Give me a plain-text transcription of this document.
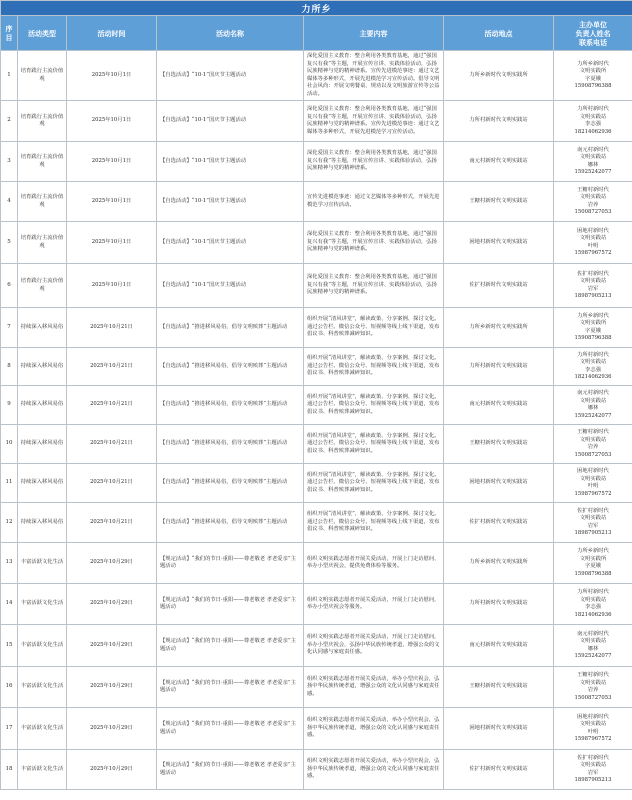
力所乡						
序目	活动类型	活动时间	活动名称	主要内容	活动地点	主办单位
负责人姓名
联系电话

1	培育践行主流价值观	2025年10月1日	【自选活动】“10·1”国庆节主题活动	深化爱国主义教育：整合利用各类教育基地，通过“强国复兴有我”等主题，开展宣传宣讲、实践体验活动，弘扬民族精神与党的精神谱系。宣传先进模范事迹：通过文艺媒体等多种形式，开展先进模范学习宣传活动。倡导文明社会风尚：开展文明餐桌、规劝以及文明旅游宣传等公益活动。	力所乡新时代文明实践所	力所乡新时代
文明实践所
字夏娥
15908796388

2	培育践行主流价值观	2025年10月1日	【自选活动】“10·1”国庆节主题活动	深化爱国主义教育：整合利用各类教育基地，通过“强国复兴有我”等主题，开展宣传宣讲、实践体验活动，弘扬民族精神与党的精神谱系。宣传先进模范事迹：通过文艺媒体等多种形式，开展先进模范学习宣传活动。	力所村新时代文明实践站	力所村新时代
文明实践站
李志强
18214062936

3	培育践行主流价值观	2025年10月1日	【自选活动】“10·1”国庆节主题活动	深化爱国主义教育：整合利用各类教育基地，通过“强国复兴有我”等主题，开展宣传宣讲、实践体验活动，弘扬民族精神与党的精神谱系。	南元村新时代文明实践站	南元村新时代
文明实践站
娜林
15925242077

4	培育践行主流价值观	2025年10月1日	【自选活动】“10·1”国庆节主题活动	宣传先进模范事迹：通过文艺媒体等多种形式，开展先进模范学习宣传活动。	王糖村新时代文明实践站	王糖村新时代
文明实践站
岩养
15008727053

5	培育践行主流价值观	2025年10月1日	【自选活动】“10·1”国庆节主题活动	深化爱国主义教育：整合利用各类教育基地，通过“强国复兴有我”等主题，开展宣传宣讲、实践体验活动，弘扬民族精神与党的精神谱系。	困地村新时代文明实践站	困地村新时代
文明实践站
叶明
15987967572

6	培育践行主流价值观	2025年10月1日	【自选活动】“10·1”国庆节主题活动	深化爱国主义教育：整合利用各类教育基地，通过“强国复兴有我”等主题，开展宣传宣讲、实践体验活动，弘扬民族精神与党的精神谱系。	佐扩村新时代文明实践站	佐扩村新时代
文明实践站
岩军
18987905213

7	持续深入移风易俗	2025年10月21日	【自选活动】“推进移风易俗，倡导文明殡葬”主题活动	组织开展“清风讲堂”，解读政策、分享案例、探讨文化。通过公告栏、微信公众号、短视频等线上线下渠道，发布倡议书、科普殡葬减碎知识。	力所乡新时代文明实践所	力所乡新时代
文明实践所
字夏娥
15908796388

8	持续深入移风易俗	2025年10月21日	【自选活动】“推进移风易俗，倡导文明殡葬”主题活动	组织开展“清风讲堂”，解读政策、分享案例、探讨文化。通过公告栏、微信公众号、短视频等线上线下渠道，发布倡议书、科普殡葬减碎知识。	力所村新时代文明实践站	力所村新时代
文明实践站
李志强
18214062936

9	持续深入移风易俗	2025年10月21日	【自选活动】“推进移风易俗，倡导文明殡葬”主题活动	组织开展“清风讲堂”，解读政策、分享案例、探讨文化。通过公告栏、微信公众号、短视频等线上线下渠道，发布倡议书、科普殡葬减碎知识。	南元村新时代文明实践站	南元村新时代
文明实践站
娜林
15925242077

10	持续深入移风易俗	2025年10月21日	【自选活动】“推进移风易俗，倡导文明殡葬”主题活动	组织开展“清风讲堂”，解读政策、分享案例、探讨文化。通过公告栏、微信公众号、短视频等线上线下渠道，发布倡议书、科普殡葬减碎知识。	王糖村新时代文明实践站	王糖村新时代
文明实践站
岩养
15008727053

11	持续深入移风易俗	2025年10月21日	【自选活动】“推进移风易俗，倡导文明殡葬”主题活动	组织开展“清风讲堂”，解读政策、分享案例、探讨文化。通过公告栏、微信公众号、短视频等线上线下渠道，发布倡议书、科普殡葬减碎知识。	困地村新时代文明实践站	困地村新时代
文明实践站
叶明
15987967572

12	持续深入移风易俗	2025年10月21日	【自选活动】“推进移风易俗，倡导文明殡葬”主题活动	组织开展“清风讲堂”，解读政策、分享案例、探讨文化。通过公告栏、微信公众号、短视频等线上线下渠道，发布倡议书、科普殡葬减碎知识。	佐扩村新时代文明实践站	佐扩村新时代
文明实践站
岩军
18987905213

13	丰富活跃文化生活	2025年10月29日	【规定活动】“我们的节日·重阳——尊老敬老 孝老爱亲”主题活动	组织文明实践志愿者开展关爱活动，开展上门走访慰问、举办小型庆祝会，提供免费体检等服务。	力所乡新时代文明实践所	力所乡新时代
文明实践所
字夏娥
15908796388

14	丰富活跃文化生活	2025年10月29日	【规定活动】“我们的节日·重阳——尊老敬老 孝老爱亲”主题活动	组织文明实践志愿者开展关爱活动，开展上门走访慰问，举办小型庆祝会等服务。	力所村新时代文明实践站	力所村新时代
文明实践站
李志强
18214062936

15	丰富活跃文化生活	2025年10月29日	【规定活动】“我们的节日·重阳——尊老敬老 孝老爱亲”主题活动	组织文明实践志愿者开展关爱活动，开展上门走访慰问，举办小型庆祝会，弘扬中华民族传统孝道，增强公众的文化认同感与家庭责任感。	南元村新时代文明实践站	南元村新时代
文明实践站
娜林
15925242077

16	丰富活跃文化生活	2025年10月29日	【规定活动】“我们的节日·重阳——尊老敬老 孝老爱亲”主题活动	组织文明实践志愿者开展关爱活动，举办小型庆祝会，弘扬中华民族传统孝道，增强公众的文化认同感与家庭责任感。	王糖村新时代文明实践站	王糖村新时代
文明实践站
岩养
15008727053

17	丰富活跃文化生活	2025年10月29日	【规定活动】“我们的节日·重阳——尊老敬老 孝老爱亲”主题活动	组织文明实践志愿者开展关爱活动，举办小型庆祝会，弘扬中华民族传统孝道，增强公众的文化认同感与家庭责任感。	困地村新时代文明实践站	困地村新时代
文明实践站
叶明
15987967572

18	丰富活跃文化生活	2025年10月29日	【规定活动】“我们的节日·重阳——尊老敬老 孝老爱亲”主题活动	组织文明实践志愿者开展关爱活动，举办小型庆祝会，弘扬中华民族传统孝道，增强公众的文化认同感与家庭责任感。	佐扩村新时代文明实践站	佐扩村新时代
文明实践站
岩军
18987905213
